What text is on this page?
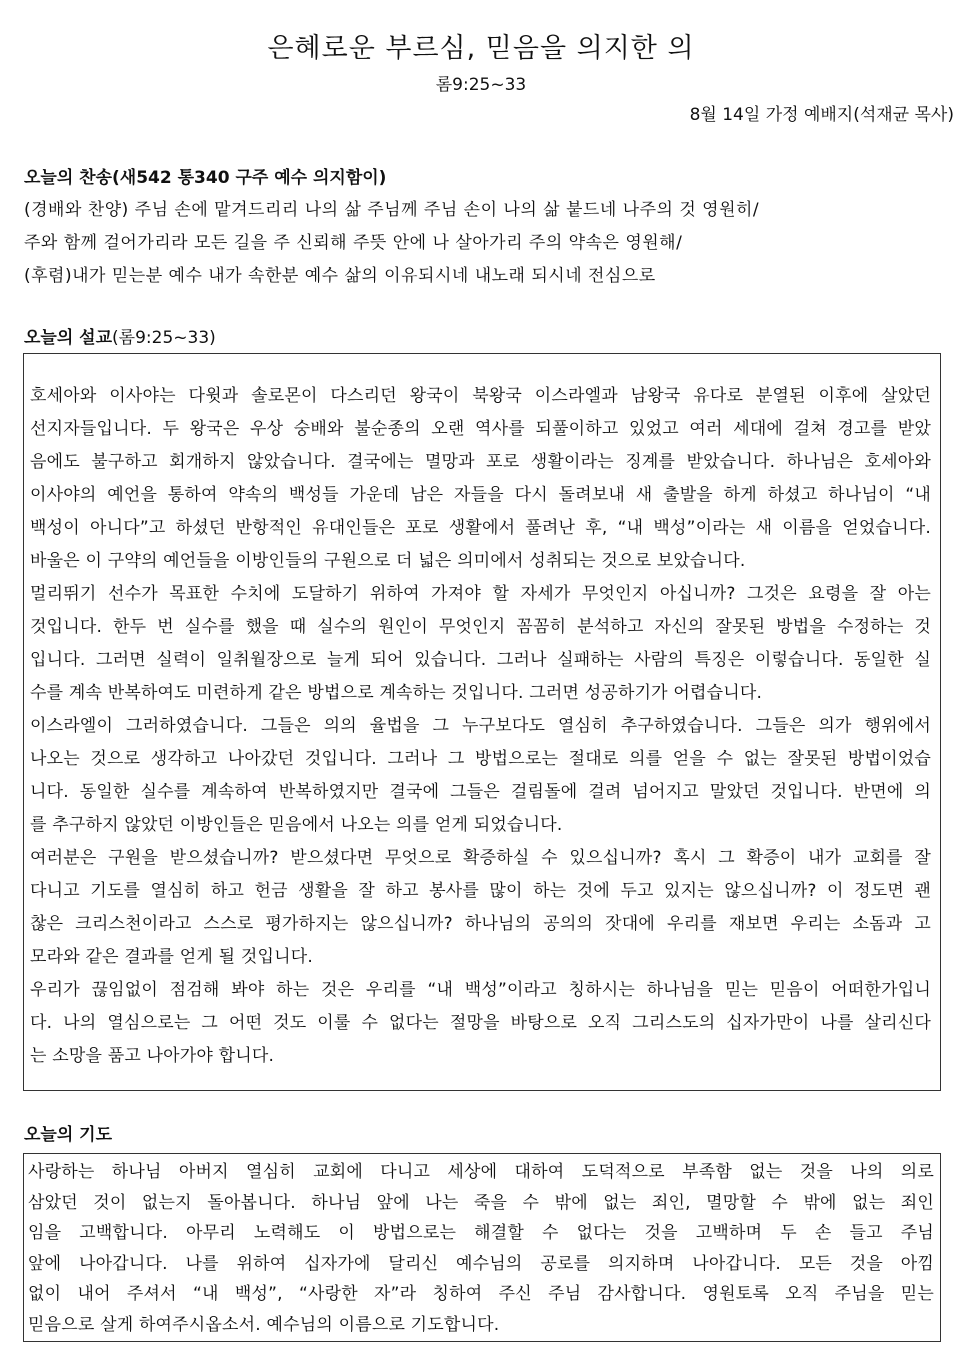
은혜로운 부르심, 믿음을 의지한 의
롬9:25~33
8월 14일 가정 예배지(석재균 목사)
오늘의 찬송(새542 통340 구주 예수 의지함이)
(경배와 찬양) 주님 손에 맡겨드리리 나의 삶 주님께 주님 손이 나의 삶 붙드네 나주의 것 영원히/
주와 함께 걸어가리라 모든 길을 주 신뢰해 주뜻 안에 나 살아가리 주의 약속은 영원해/
(후렴)내가 믿는분 예수 내가 속한분 예수 삶의 이유되시네 내노래 되시네 전심으로
오늘의 설교(롬9:25~33)

호세아와 이사야는 다윗과 솔로몬이 다스리던 왕국이 북왕국 이스라엘과 남왕국 유다로 분열된 이후에 살았던
선지자들입니다. 두 왕국은 우상 숭배와 불순종의 오랜 역사를 되풀이하고 있었고 여러 세대에 걸쳐 경고를 받았
음에도 불구하고 회개하지 않았습니다. 결국에는 멸망과 포로 생활이라는 징계를 받았습니다. 하나님은 호세아와
이사야의 예언을 통하여 약속의 백성들 가운데 남은 자들을 다시 돌려보내 새 출발을 하게 하셨고 하나님이 “내
백성이 아니다”고 하셨던 반항적인 유대인들은 포로 생활에서 풀려난 후, “내 백성”이라는 새 이름을 얻었습니다.
바울은 이 구약의 예언들을 이방인들의 구원으로 더 넓은 의미에서 성취되는 것으로 보았습니다.
멀리뛰기 선수가 목표한 수치에 도달하기 위하여 가져야 할 자세가 무엇인지 아십니까? 그것은 요령을 잘 아는
것입니다. 한두 번 실수를 했을 때 실수의 원인이 무엇인지 꼼꼼히 분석하고 자신의 잘못된 방법을 수정하는 것
입니다. 그러면 실력이 일취월장으로 늘게 되어 있습니다. 그러나 실패하는 사람의 특징은 이렇습니다. 동일한 실
수를 계속 반복하여도 미련하게 같은 방법으로 계속하는 것입니다. 그러면 성공하기가 어렵습니다.
이스라엘이 그러하였습니다. 그들은 의의 율법을 그 누구보다도 열심히 추구하였습니다. 그들은 의가 행위에서
나오는 것으로 생각하고 나아갔던 것입니다. 그러나 그 방법으로는 절대로 의를 얻을 수 없는 잘못된 방법이었습
니다. 동일한 실수를 계속하여 반복하였지만 결국에 그들은 걸림돌에 걸려 넘어지고 말았던 것입니다. 반면에 의
를 추구하지 않았던 이방인들은 믿음에서 나오는 의를 얻게 되었습니다.
여러분은 구원을 받으셨습니까? 받으셨다면 무엇으로 확증하실 수 있으십니까? 혹시 그 확증이 내가 교회를 잘
다니고 기도를 열심히 하고 헌금 생활을 잘 하고 봉사를 많이 하는 것에 두고 있지는 않으십니까? 이 정도면 괜
찮은 크리스천이라고 스스로 평가하지는 않으십니까? 하나님의 공의의 잣대에 우리를 재보면 우리는 소돔과 고
모라와 같은 결과를 얻게 될 것입니다.
우리가 끊임없이 점검해 봐야 하는 것은 우리를 “내 백성”이라고 칭하시는 하나님을 믿는 믿음이 어떠한가입니
다. 나의 열심으로는 그 어떤 것도 이룰 수 없다는 절망을 바탕으로 오직 그리스도의 십자가만이 나를 살리신다
는 소망을 품고 나아가야 합니다.

오늘의 기도

사랑하는 하나님 아버지 열심히 교회에 다니고 세상에 대하여 도덕적으로 부족함 없는 것을 나의 의로
삼았던 것이 없는지 돌아봅니다. 하나님 앞에 나는 죽을 수 밖에 없는 죄인, 멸망할 수 밖에 없는 죄인
임을 고백합니다. 아무리 노력해도 이 방법으로는 해결할 수 없다는 것을 고백하며 두 손 들고 주님
앞에 나아갑니다. 나를 위하여 십자가에 달리신 예수님의 공로를 의지하며 나아갑니다. 모든 것을 아낌
없이 내어 주셔서 “내 백성”, “사랑한 자”라 칭하여 주신 주님 감사합니다. 영원토록 오직 주님을 믿는
믿음으로 살게 하여주시옵소서. 예수님의 이름으로 기도합니다.
